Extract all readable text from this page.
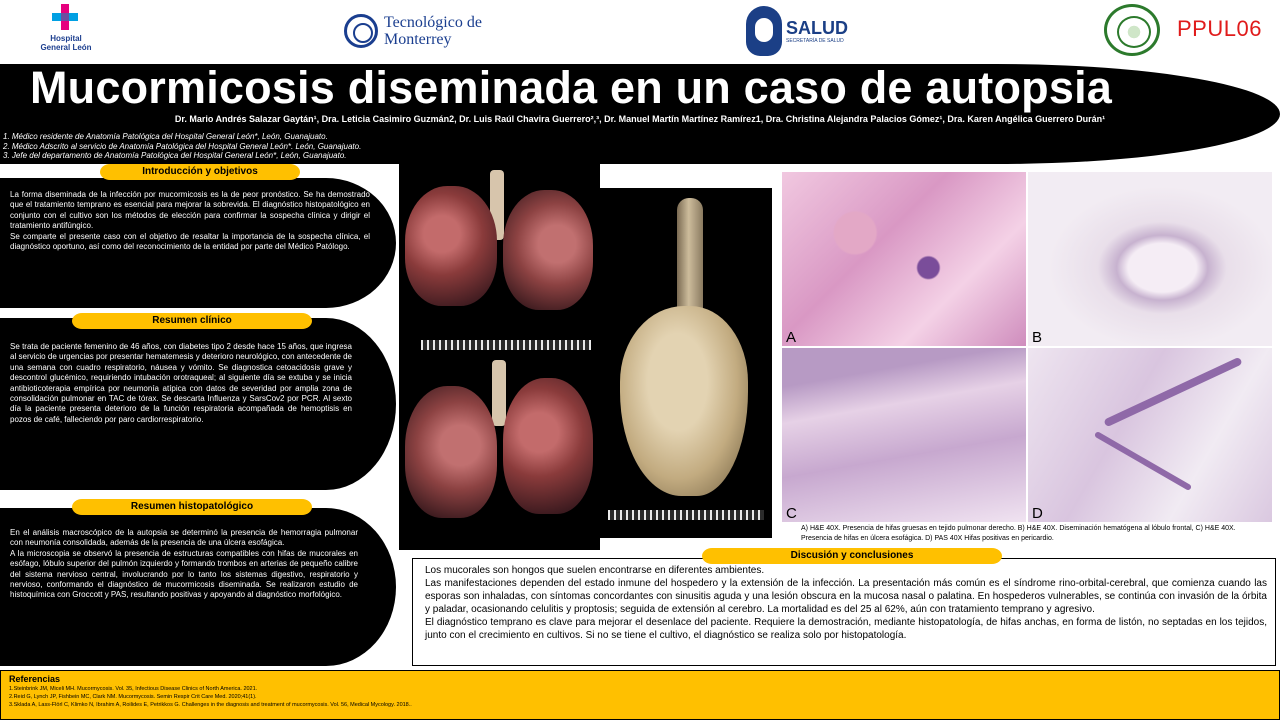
Hospital General León
Tecnológico de Monterrey
SALUD
SECRETARÍA DE SALUD	PPUL06
Mucormicosis diseminada en un caso de autopsia
Dr. Mario Andrés Salazar Gaytán¹, Dra. Leticia Casimiro Guzmán2, Dr. Luis Raúl Chavira Guerrero²,³, Dr. Manuel Martín Martínez Ramírez1, Dra. Christina Alejandra Palacios Gómez¹, Dra. Karen Angélica Guerrero Durán¹
1. Médico residente de Anatomía Patológica del Hospital General León*, León, Guanajuato.
2. Médico Adscrito al servicio de Anatomía Patológica del Hospital General León*. León, Guanajuato.
3. Jefe del departamento de Anatomía Patológica del Hospital General León*, León, Guanajuato.

La forma diseminada de la infección por mucormicosis es la de peor pronóstico. Se ha demostrado que el tratamiento temprano es esencial para mejorar la sobrevida. El diagnóstico histopatológico en conjunto con el cultivo son los métodos de elección para confirmar la sospecha clínica y dirigir el tratamiento antifúngico.

Se comparte el presente caso con el objetivo de resaltar la importancia de la sospecha clínica, el diagnóstico oportuno, así como del reconocimiento de la entidad por parte del Médico Patólogo.

Introducción y objetivos

Se trata de paciente femenino de 46 años, con diabetes tipo 2 desde hace 15 años, que ingresa al servicio de urgencias por presentar hematemesis y deterioro neurológico, con antecedente de una semana con cuadro respiratorio, náusea y vómito. Se diagnostica cetoacidosis grave y descontrol glucémico, requiriendo intubación orotraqueal; al siguiente día se extuba y se inicia antibioticoterapia empírica por neumonía atípica con datos de severidad por amplia zona de consolidación pulmonar en TAC de tórax. Se descarta Influenza y SarsCov2 por PCR. Al sexto día la paciente presenta deterioro de la función respiratoria acompañada de hemoptisis en pozos de café, falleciendo por paro cardiorrespiratorio.

Resumen clínico

En el análisis macroscópico de la autopsia se determinó la presencia de hemorragia pulmonar con neumonía consolidada, además de la presencia de una úlcera esofágica.

A la microscopia se observó la presencia de estructuras compatibles con hifas de mucorales en esófago, lóbulo superior del pulmón izquierdo y formando trombos en arterias de pequeño calibre del sistema nervioso central, involucrando por lo tanto los sistemas digestivo, respiratorio y nervioso, conformando el diagnóstico de mucormicosis diseminada. Se realizaron estudio de histoquímica con Groccott y PAS, resultando positivas y apoyando al diagnóstico morfológico.

Resumen histopatológico
A	B
C	D
A) H&E 40X. Presencia de hifas gruesas en tejido pulmonar derecho. B) H&E 40X. Diseminación hematógena al lóbulo frontal, C) H&E 40X. Presencia de hifas en úlcera esofágica. D) PAS 40X Hifas positivas en pericardio.

Los mucorales son hongos que suelen encontrarse en diferentes ambientes.

Las manifestaciones dependen del estado inmune del hospedero y la extensión de la infección. La presentación más común es el síndrome rino-orbital-cerebral, que comienza cuando las esporas son inhaladas, con síntomas concordantes con sinusitis aguda y una lesión obscura en la mucosa nasal o palatina. En hospederos vulnerables, se continúa con invasión de la órbita y paladar, ocasionando celulitis y proptosis; seguida de extensión al cerebro. La mortalidad es del 25 al 62%, aún con tratamiento temprano y agresivo.

El diagnóstico temprano es clave para mejorar el desenlace del paciente. Requiere la demostración, mediante histopatología, de hifas anchas, en forma de listón, no septadas en los tejidos, junto con el crecimiento en cultivos. Si no se tiene el cultivo, el diagnóstico se realiza solo por histopatología.

Discusión y conclusiones
Referencias

1.Steinbrink JM, Miceli MH. Mucormycosis. Vol. 35, Infectious Disease Clinics of North America. 2021.

2.Reid G, Lynch JP, Fishbein MC, Clark NM. Mucormycosis. Semin Respir Crit Care Med. 2020;41(1).

3.Sklada A, Lass-Flörl C, Klimko N, Ibrahim A, Roilides E, Petrikkos G. Challenges in the diagnosis and treatment of mucormycosis. Vol. 56, Medical Mycology. 2018..
